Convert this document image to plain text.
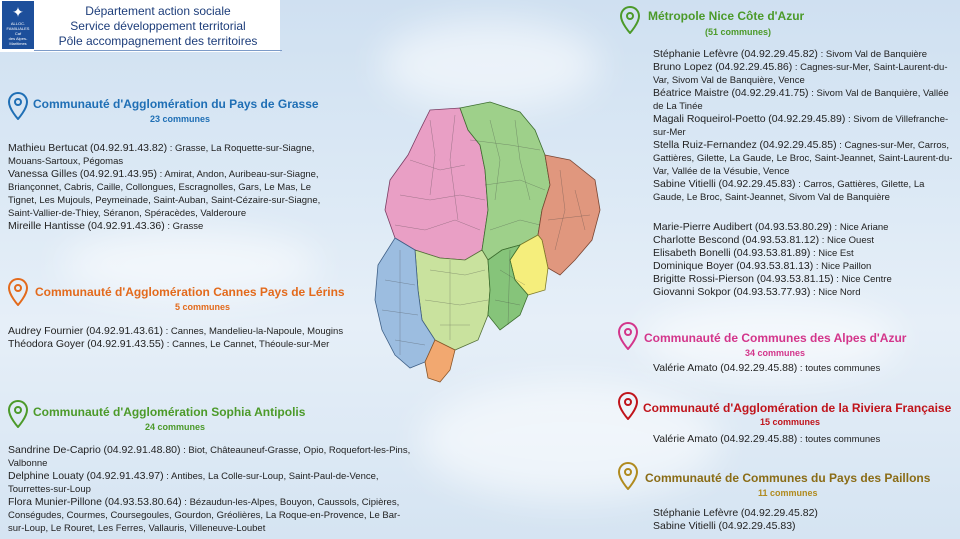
✦
ALLOC. FAMILIALES
Caf
des Alpes-Maritimes
Département action sociale
Service développement territorial
Pôle accompagnement des territoires
Communauté d'Agglomération du Pays de Grasse
23 communes
Mathieu Bertucat (04.92.91.43.82) : Grasse, La Roquette-sur-Siagne, Mouans-Sartoux, Pégomas
Vanessa Gilles (04.92.91.43.95) : Amirat, Andon, Auribeau-sur-Siagne, Briançonnet, Cabris, Caille, Collongues, Escragnolles, Gars, Le Mas, Le Tignet, Les Mujouls, Peymeinade, Saint-Auban, Saint-Cézaire-sur-Siagne, Saint-Vallier-de-Thiey, Séranon, Spéracèdes, Valderoure
Mireille Hantisse (04.92.91.43.36) : Grasse
Communauté d'Agglomération Cannes Pays de Lérins
5 communes
Audrey Fournier (04.92.91.43.61) : Cannes, Mandelieu-la-Napoule, Mougins
Théodora Goyer (04.92.91.43.55) : Cannes, Le Cannet, Théoule-sur-Mer
Communauté d'Agglomération Sophia Antipolis
24 communes
Sandrine De-Caprio (04.92.91.48.80) : Biot, Châteauneuf-Grasse, Opio, Roquefort-les-Pins, Valbonne
Delphine Louaty (04.92.91.43.97) : Antibes, La Colle-sur-Loup, Saint-Paul-de-Vence, Tourrettes-sur-Loup
Flora Munier-Pillone (04.93.53.80.64) : Bézaudun-les-Alpes, Bouyon, Caussols, Cipières, Conségudes, Courmes, Coursegoules, Gourdon, Gréolières, La Roque-en-Provence, Le Bar-sur-Loup, Le Rouret, Les Ferres, Vallauris, Villeneuve-Loubet
Métropole Nice Côte d'Azur
(51 communes)
Stéphanie Lefèvre (04.92.29.45.82) : Sivom Val de Banquière
Bruno Lopez (04.92.29.45.86) : Cagnes-sur-Mer, Saint-Laurent-du-Var, Sivom Val de Banquière, Vence
Béatrice Maistre (04.92.29.41.75) : Sivom Val de Banquière, Vallée de La Tinée
Magali Roqueirol-Poetto (04.92.29.45.89) : Sivom de Villefranche-sur-Mer
Stella Ruiz-Fernandez (04.92.29.45.85) : Cagnes-sur-Mer, Carros, Gattières, Gilette, La Gaude, Le Broc, Saint-Jeannet, Saint-Laurent-du-Var, Vallée de la Vésubie, Vence
Sabine Vitielli (04.92.29.45.83) : Carros, Gattières, Gilette, La Gaude, Le Broc, Saint-Jeannet, Sivom Val de Banquière
Marie-Pierre Audibert (04.93.53.80.29) : Nice Ariane
Charlotte Bescond (04.93.53.81.12) : Nice Ouest
Elisabeth Bonelli (04.93.53.81.89) : Nice Est
Dominique Boyer (04.93.53.81.13) : Nice Paillon
Brigitte Rossi-Pierson (04.93.53.81.15) : Nice Centre
Giovanni Sokpor (04.93.53.77.93) : Nice Nord
Communauté de Communes des Alpes d'Azur
34 communes
Valérie Amato (04.92.29.45.88) : toutes communes
Communauté d'Agglomération de la Riviera Française
15 communes
Valérie Amato (04.92.29.45.88) : toutes communes
Communauté de Communes du Pays des Paillons
11 communes
Stéphanie Lefèvre (04.92.29.45.82)
Sabine Vitielli (04.92.29.45.83)
